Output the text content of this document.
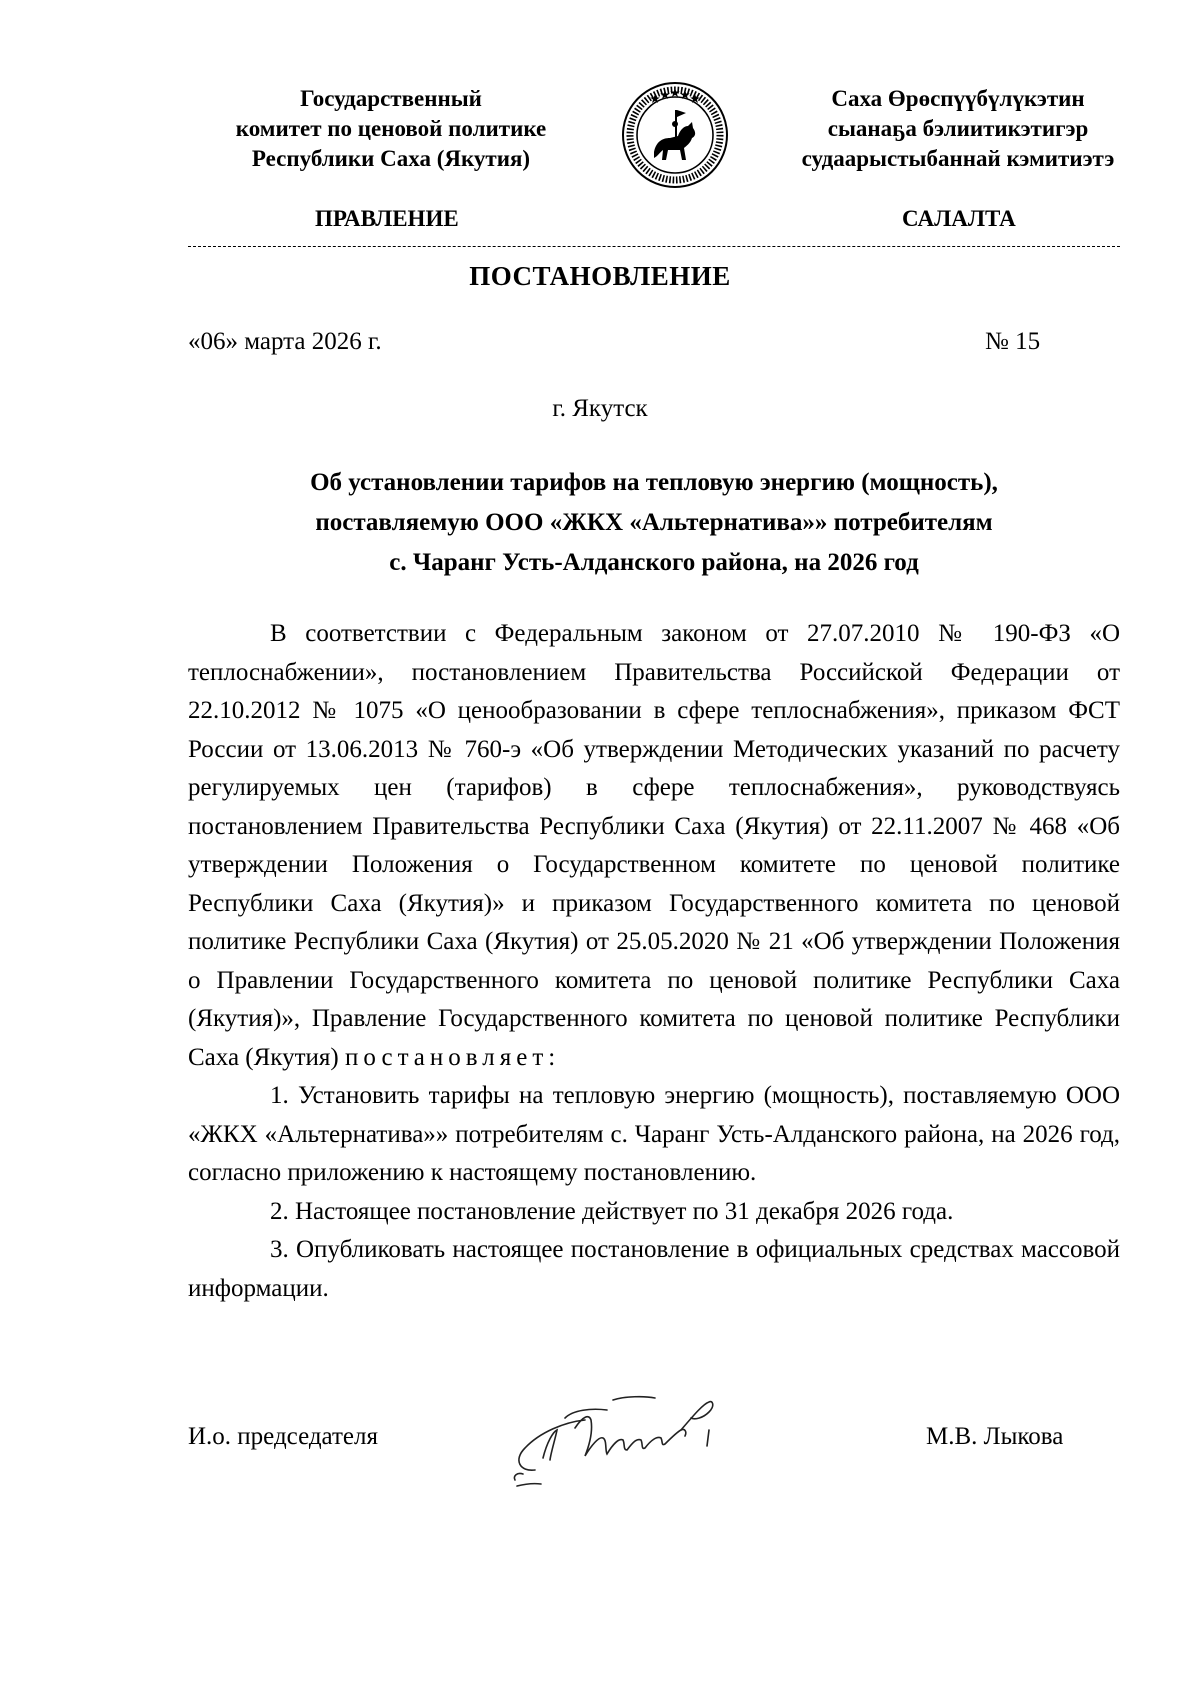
Государственный
комитет по ценовой политике
Республики Саха (Якутия)
Саха Өрөспүүбүлүкэтин
сыанаҕа бэлиитикэтигэр
судаарыстыбаннай кэмитиэтэ
ПРАВЛЕНИЕ	САЛАЛТА
ПОСТАНОВЛЕНИЕ
«06» марта 2026 г.	№ 15
г. Якутск
Об установлении тарифов на тепловую энергию (мощность),
поставляемую ООО «ЖКХ «Альтернатива»» потребителям
с. Чаранг Усть-Алданского района, на 2026 год

В соответствии с Федеральным законом от 27.07.2010 № 190-ФЗ «О теплоснабжении», постановлением Правительства Российской Федерации от 22.10.2012 № 1075 «О ценообразовании в сфере теплоснабжения», приказом ФСТ России от 13.06.2013 № 760-э «Об утверждении Методических указаний по расчету регулируемых цен (тарифов) в сфере теплоснабжения», руководствуясь постановлением Правительства Республики Саха (Якутия) от 22.11.2007 № 468 «Об утверждении Положения о Государственном комитете по ценовой политике Республики Саха (Якутия)» и приказом Государственного комитета по ценовой политике Республики Саха (Якутия) от 25.05.2020 № 21 «Об утверждении Положения о Правлении Государственного комитета по ценовой политике Республики Саха (Якутия)», Правление Государственного комитета по ценовой политике Республики Саха (Якутия) постановляет:

1. Установить тарифы на тепловую энергию (мощность), поставляемую ООО «ЖКХ «Альтернатива»» потребителям с. Чаранг Усть-Алданского района, на 2026 год, согласно приложению к настоящему постановлению.

2. Настоящее постановление действует по 31 декабря 2026 года.

3. Опубликовать настоящее постановление в официальных средствах массовой информации.

И.о. председателя	М.В. Лыкова
